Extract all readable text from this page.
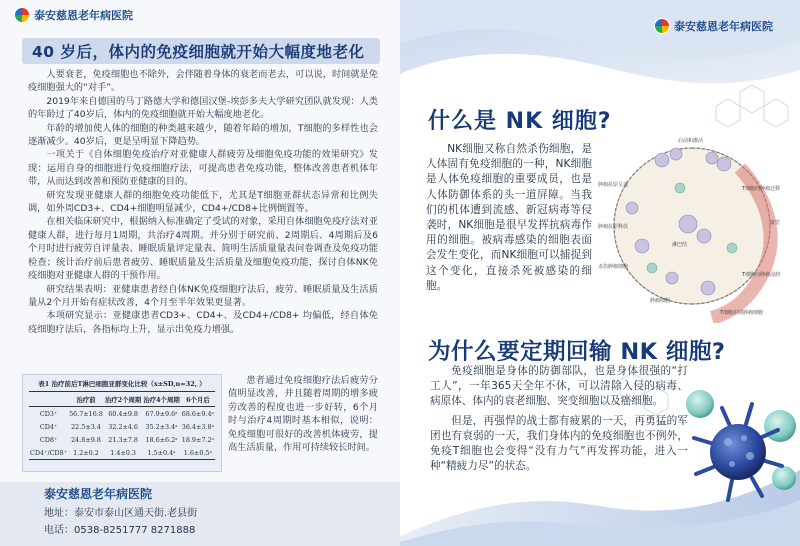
泰安慈恩老年病医院
40 岁后，体内的免疫细胞就开始大幅度地老化

人要衰老，免疫细胞也不除外，会伴随着身体的衰老而老去，可以说，时间就是免疫细胞强大的“对手”。

2019年来自德国的马丁路德大学和德国汉堡-埃彭多夫大学研究团队就发现：人类的年龄过了40岁后，体内的免疫细胞就开始大幅度地老化。

年龄的增加使人体的细胞的种类越来越少，随着年龄的增加，T细胞的多样性也会逐渐减少。40岁后，更是呈明显下降趋势。

一项关于《自体细胞免疫治疗对亚健康人群疲劳及细胞免疫功能的效果研究》发现：运用自身的细胞进行免疫细胞疗法，可提高患者免疫功能，整体改善患者机体年带，从而达到改善和预防亚健康的目的。

研究发现亚健康人群的细胞免疫功能低下，尤其是T细胞亚群状态异常和比例失调，如外周CD3+、CD4+细胞明显减少，CD4+/CD8+比例倒置等。

在相关临床研究中，根据纳入标准确定了受试的对象，采用自体细胞免疫疗法对亚健康人群，进行每月1周期，共治疗4周期。并分别于研究前、2周期后、4周期后及6个月时进行疲劳自评量表、睡眠质量评定量表、简明生活质量量表问卷调查及免疫功能检查；统计治疗前后患者疲劳、睡眠质量及生活质量及细胞免疫功能，探讨自体NK免疫细胞对亚健康人群的干预作用。

研究结果表明：亚健康患者经自体NK免疫细胞疗法后，疲劳、睡眠质量及生活质量从2个月开始有症状改善，4个月至半年效果更显著。

本项研究显示：亚健康患者CD3+、CD4+、及CD4+/CD8+ 均偏低，经自体免疫细胞疗法后，各指标均上升，显示出免疫力增强。

表1 治疗前后T淋巴细胞亚群变化比较（x±SD,n=32, ）
	治疗前	治疗2个周期	治疗4个周期	6个月后
CD3⁺	56.7±16.8	60.4±9.8	67.9±9.6ᵃ	68.6±9.4ᵃ
CD4⁺	22.5±3.4	32.2±4.6	35.2±3.4ᵃ	36.4±3.8ᵃ
CD8⁺	24.8±9.8	21.3±7.8	18.6±6.2ᵃ	18.9±7.2ᵃ
CD4⁺/CD8⁺	1.2±0.2	1.4±0.3	1.5±0.4ᵃ	1.6±0.5ᵃ

患者通过免疫细胞疗法后疲劳分值明显改善，并且随着周期的增多疲劳改善的程度也进一步好转，6个月时与治疗4周期时基本相似，说明：免疫细胞可很好的改善机体疲劳，提高生活质量，作用可持续较长时间。

泰安慈恩老年病医院
地址：泰安市泰山区通天街.老县街
电话：0538-8251777 8271888
泰安慈恩老年病医院
什么是 NK 细胞?

NK细胞又称自然杀伤细胞，是人体固有免疫细胞的一种，NK细胞是人体免疫细胞的重要成员，也是人体防御体系的头一道屏障。当我们的机体遭到流感、新冠病毒等侵袭时，NK细胞是很早发挥抗病毒作用的细胞。被病毒感染的细胞表面会发生变化，而NK细胞可以捕捉到这个变化，直接杀死被感染的细胞。

启动和激活
肿瘤抗原呈递
肿瘤抗原释放
杀伤肿瘤细胞
T细胞向肿瘤迁移
血管
T细胞向肿瘤浸润
肿瘤细胞
T细胞识别肿瘤细胞
淋巴结
为什么要定期回输 NK 细胞?

免疫细胞是身体的防御部队，也是身体很强的“打工人”，一年365天全年不休，可以清除入侵的病毒、病原体、体内的衰老细胞、突变细胞以及癌细胞。

但是，再强悍的战士都有疲累的一天，再勇猛的军团也有衰弱的一天，我们身体内的免疫细胞也不例外，免疫T细胞也会变得“没有力气”再发挥功能，进入一种“精疲力尽”的状态。
